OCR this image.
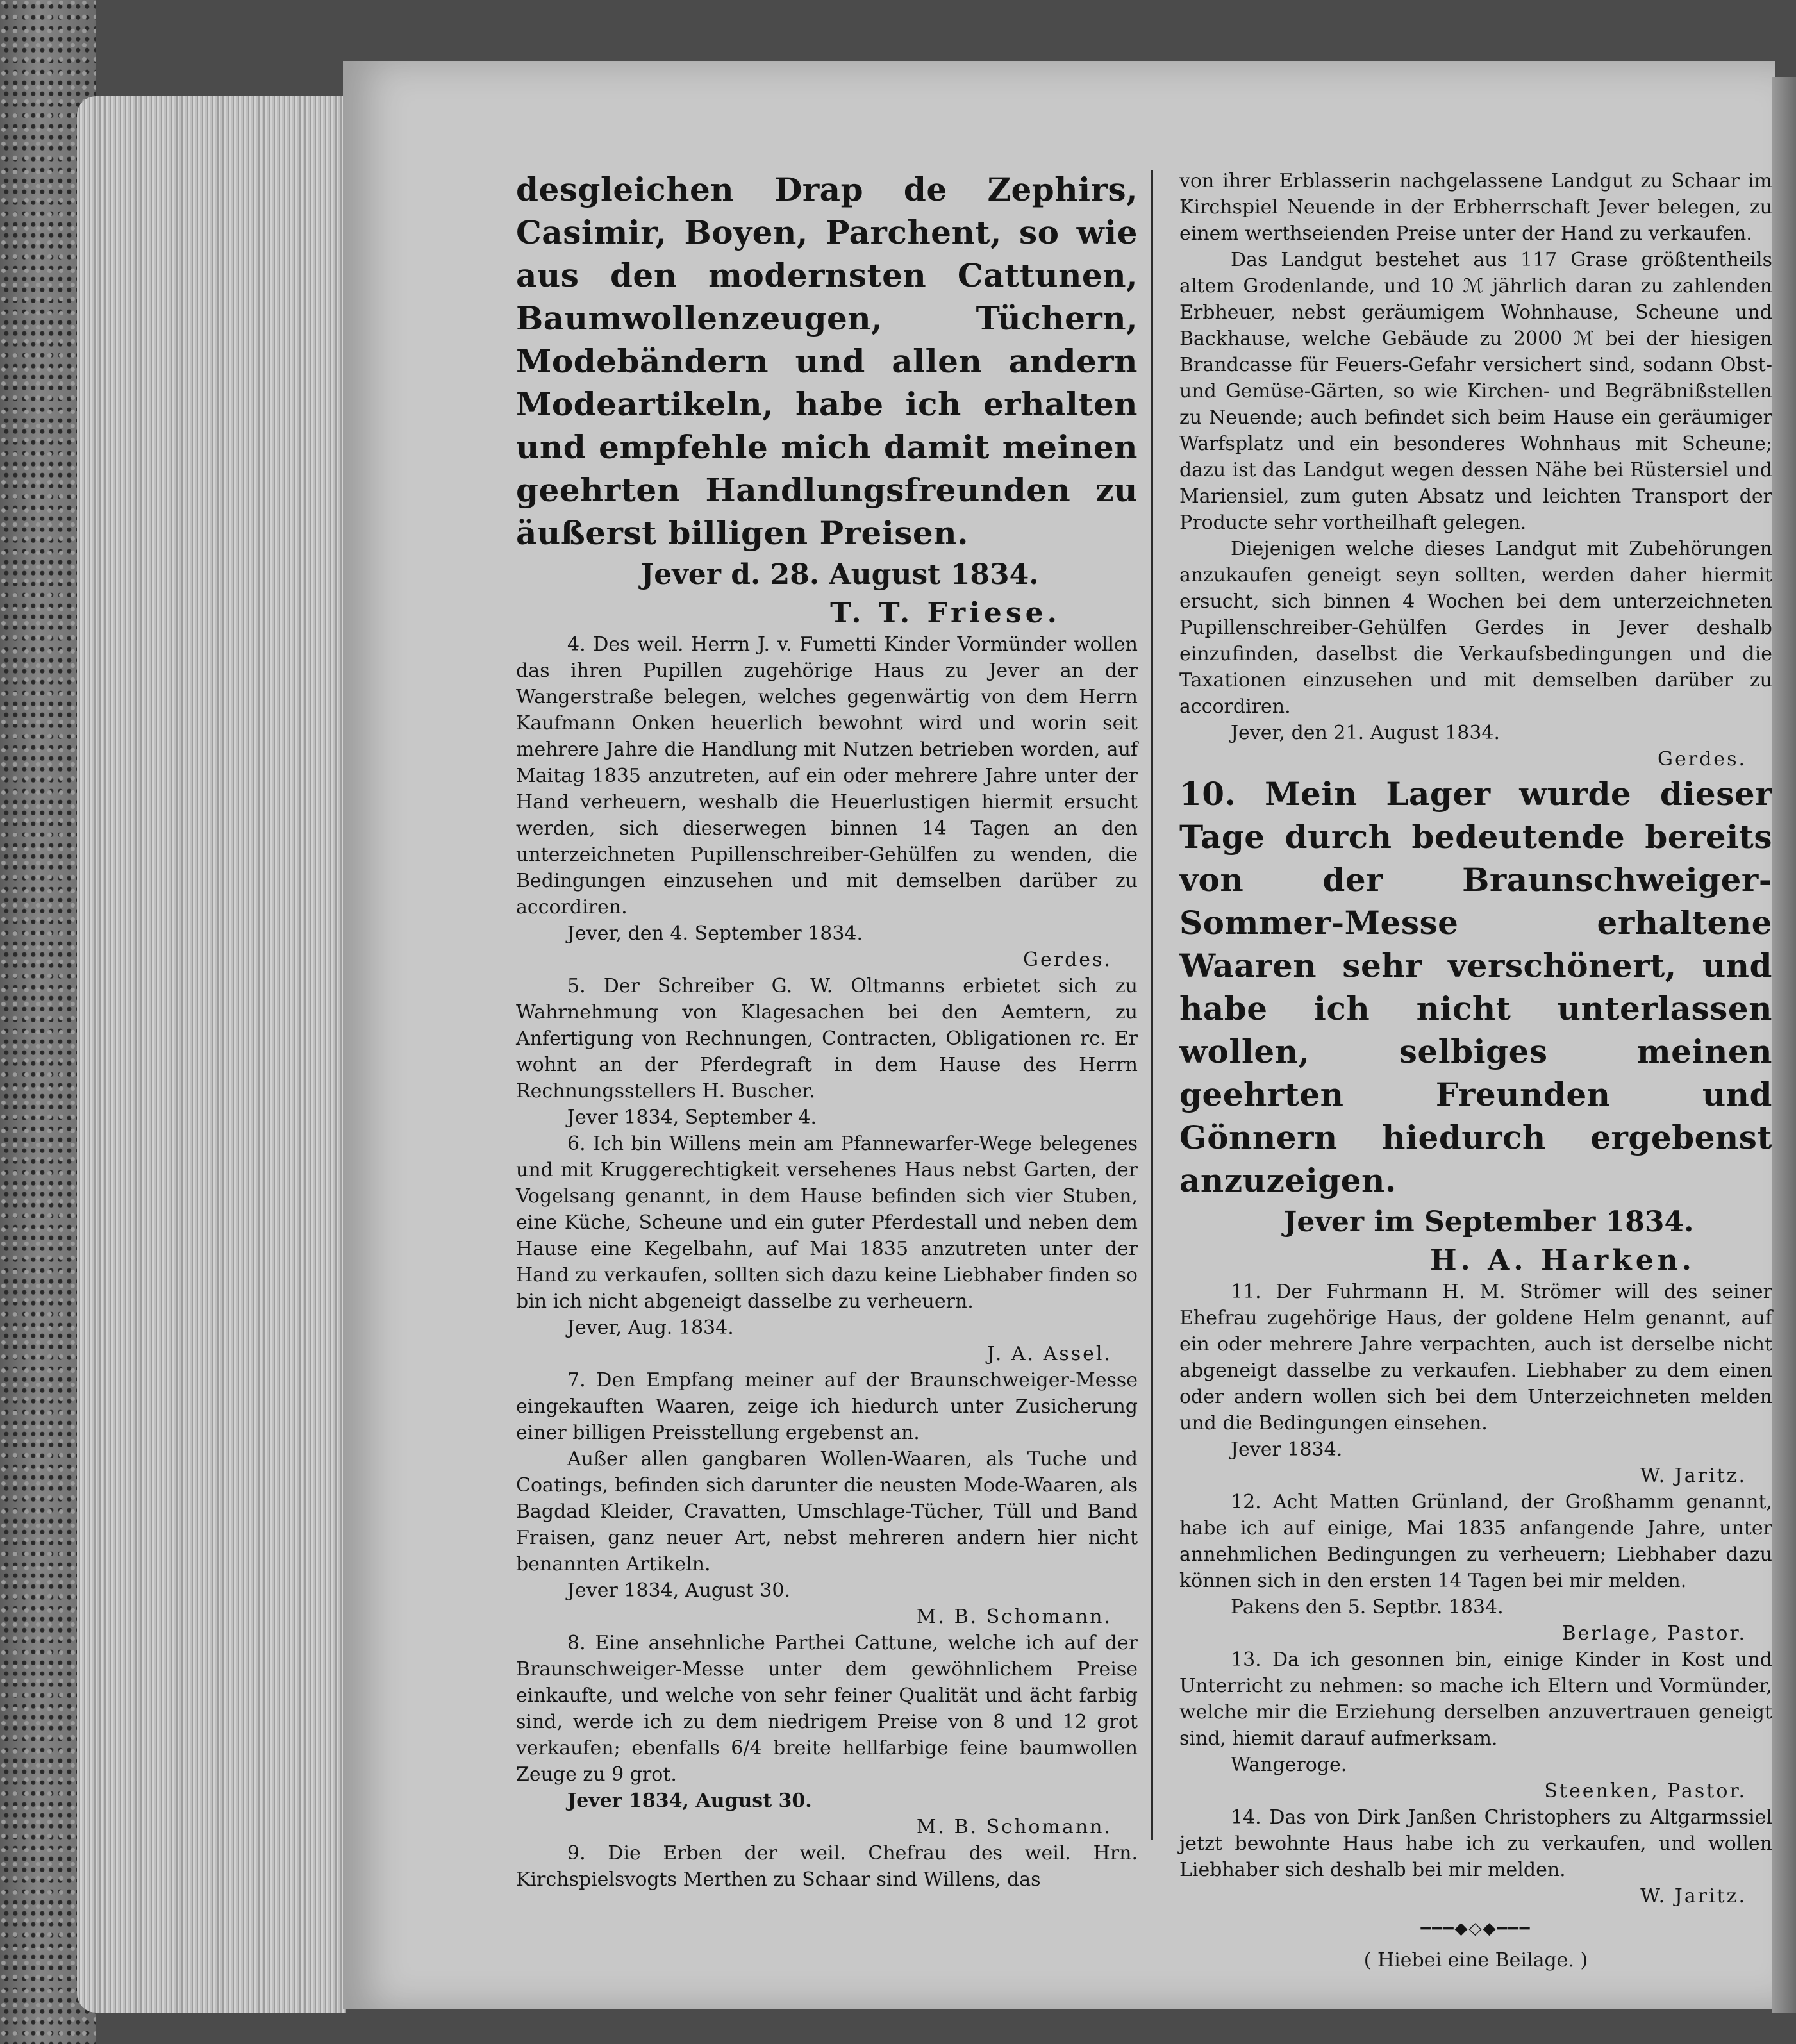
desgleichen Drap de Zephirs, Casimir, Boyen, Parchent, so wie aus den modernsten Cattunen, Baumwollenzeugen, Tüchern, Modebändern und allen andern Modeartikeln, habe ich erhalten und empfehle mich damit meinen geehrten Handlungsfreunden zu äußerst billigen Preisen.

Jever d. 28. August 1834.

T. T. Friese.

4. Des weil. Herrn J. v. Fumetti Kinder Vormünder wollen das ihren Pupillen zugehörige Haus zu Jever an der Wangerstraße belegen, welches gegenwärtig von dem Herrn Kaufmann Onken heuerlich bewohnt wird und worin seit mehrere Jahre die Handlung mit Nutzen betrieben worden, auf Maitag 1835 anzutreten, auf ein oder mehrere Jahre unter der Hand verheuern, weshalb die Heuerlustigen hiermit ersucht werden, sich dieserwegen binnen 14 Tagen an den unterzeichneten Pupillenschreiber-Gehülfen zu wenden, die Bedingungen einzusehen und mit demselben darüber zu accordiren.

Jever, den 4. September 1834.

Gerdes.

5. Der Schreiber G. W. Oltmanns erbietet sich zu Wahrnehmung von Klagesachen bei den Aemtern, zu Anfertigung von Rechnungen, Contracten, Obligationen rc. Er wohnt an der Pferdegraft in dem Hause des Herrn Rechnungsstellers H. Buscher.

Jever 1834, September 4.

6. Ich bin Willens mein am Pfannewarfer-Wege belegenes und mit Kruggerechtigkeit versehenes Haus nebst Garten, der Vogelsang genannt, in dem Hause befinden sich vier Stuben, eine Küche, Scheune und ein guter Pferdestall und neben dem Hause eine Kegelbahn, auf Mai 1835 anzutreten unter der Hand zu verkaufen, sollten sich dazu keine Liebhaber finden so bin ich nicht abgeneigt dasselbe zu verheuern.

Jever, Aug. 1834.

J. A. Assel.

7. Den Empfang meiner auf der Braunschweiger-Messe eingekauften Waaren, zeige ich hiedurch unter Zusicherung einer billigen Preisstellung ergebenst an.

Außer allen gangbaren Wollen-Waaren, als Tuche und Coatings, befinden sich darunter die neusten Mode-Waaren, als Bagdad Kleider, Cravatten, Umschlage-Tücher, Tüll und Band Fraisen, ganz neuer Art, nebst mehreren andern hier nicht benannten Artikeln.

Jever 1834, August 30.

M. B. Schomann.

8. Eine ansehnliche Parthei Cattune, welche ich auf der Braunschweiger-Messe unter dem gewöhnlichem Preise einkaufte, und welche von sehr feiner Qualität und ächt farbig sind, werde ich zu dem niedrigem Preise von 8 und 12 grot verkaufen; ebenfalls 6/4 breite hellfarbige feine baumwollen Zeuge zu 9 grot.

Jever 1834, August 30.

M. B. Schomann.

9. Die Erben der weil. Chefrau des weil. Hrn. Kirchspielsvogts Merthen zu Schaar sind Willens, das

von ihrer Erblasserin nachgelassene Landgut zu Schaar im Kirchspiel Neuende in der Erbherrschaft Jever belegen, zu einem werthseienden Preise unter der Hand zu verkaufen.

Das Landgut bestehet aus 117 Grase größtentheils altem Grodenlande, und 10 ℳ jährlich daran zu zahlenden Erbheuer, nebst geräumigem Wohnhause, Scheune und Backhause, welche Gebäude zu 2000 ℳ bei der hiesigen Brandcasse für Feuers-Gefahr versichert sind, sodann Obst- und Gemüse-Gärten, so wie Kirchen- und Begräbnißstellen zu Neuende; auch befindet sich beim Hause ein geräumiger Warfsplatz und ein besonderes Wohnhaus mit Scheune; dazu ist das Landgut wegen dessen Nähe bei Rüstersiel und Mariensiel, zum guten Absatz und leichten Transport der Producte sehr vortheilhaft gelegen.

Diejenigen welche dieses Landgut mit Zubehörungen anzukaufen geneigt seyn sollten, werden daher hiermit ersucht, sich binnen 4 Wochen bei dem unterzeichneten Pupillenschreiber-Gehülfen Gerdes in Jever deshalb einzufinden, daselbst die Verkaufsbedingungen und die Taxationen einzusehen und mit demselben darüber zu accordiren.

Jever, den 21. August 1834.

Gerdes.

10. Mein Lager wurde dieser Tage durch bedeutende bereits von der Braunschweiger-Sommer-Messe erhaltene Waaren sehr verschönert, und habe ich nicht unterlassen wollen, selbiges meinen geehrten Freunden und Gönnern hiedurch ergebenst anzuzeigen.

Jever im September 1834.

H. A. Harken.

11. Der Fuhrmann H. M. Strömer will des seiner Ehefrau zugehörige Haus, der goldene Helm genannt, auf ein oder mehrere Jahre verpachten, auch ist derselbe nicht abgeneigt dasselbe zu verkaufen. Liebhaber zu dem einen oder andern wollen sich bei dem Unterzeichneten melden und die Bedingungen einsehen.

Jever 1834.

W. Jaritz.

12. Acht Matten Grünland, der Großhamm genannt, habe ich auf einige, Mai 1835 anfangende Jahre, unter annehmlichen Bedingungen zu verheuern; Liebhaber dazu können sich in den ersten 14 Tagen bei mir melden.

Pakens den 5. Septbr. 1834.

Berlage, Pastor.

13. Da ich gesonnen bin, einige Kinder in Kost und Unterricht zu nehmen: so mache ich Eltern und Vormünder, welche mir die Erziehung derselben anzuvertrauen geneigt sind, hiemit darauf aufmerksam.

Wangeroge.

Steenken, Pastor.

14. Das von Dirk Janßen Christophers zu Altgarmssiel jetzt bewohnte Haus habe ich zu verkaufen, und wollen Liebhaber sich deshalb bei mir melden.

W. Jaritz.

━━━◆◇◆━━━

( Hiebei eine Beilage. )
